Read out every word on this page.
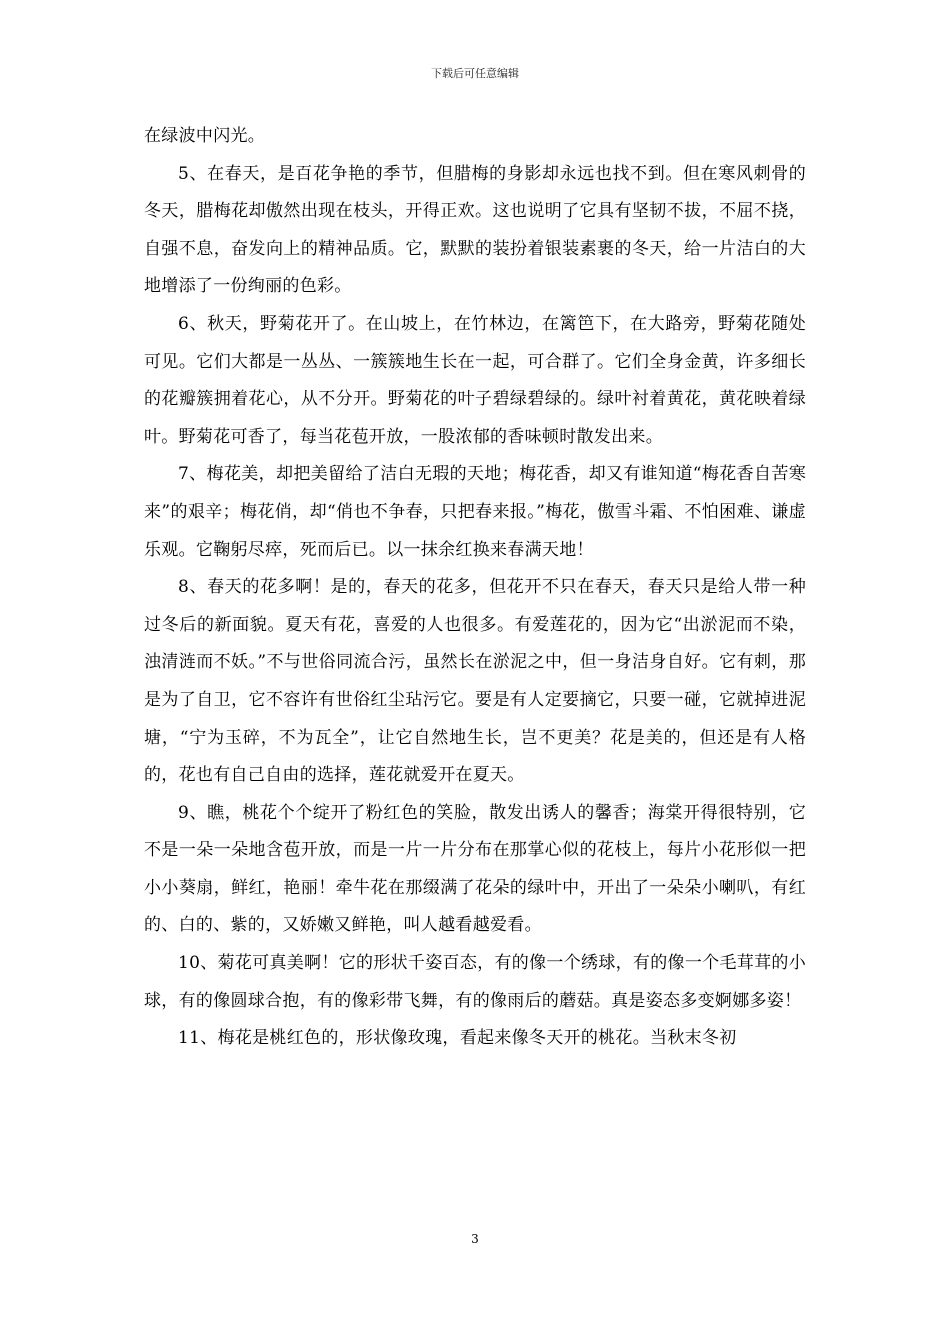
下载后可任意编辑

在绿波中闪光。

5、在春天，是百花争艳的季节，但腊梅的身影却永远也找不到。但在寒风刺骨的冬天，腊梅花却傲然出现在枝头，开得正欢。这也说明了它具有坚韧不拔，不屈不挠，自强不息，奋发向上的精神品质。它，默默的装扮着银装素裹的冬天，给一片洁白的大地增添了一份绚丽的色彩。

6、秋天，野菊花开了。在山坡上，在竹林边，在篱笆下，在大路旁，野菊花随处可见。它们大都是一丛丛、一簇簇地生长在一起，可合群了。它们全身金黄，许多细长的花瓣簇拥着花心，从不分开。野菊花的叶子碧绿碧绿的。绿叶衬着黄花，黄花映着绿叶。野菊花可香了，每当花苞开放，一股浓郁的香味顿时散发出来。

7、梅花美，却把美留给了洁白无瑕的天地；梅花香，却又有谁知道“梅花香自苦寒来”的艰辛；梅花俏，却“俏也不争春，只把春来报。”梅花，傲雪斗霜、不怕困难、谦虚乐观。它鞠躬尽瘁，死而后已。以一抹余红换来春满天地！

8、春天的花多啊！是的，春天的花多，但花开不只在春天，春天只是给人带一种过冬后的新面貌。夏天有花，喜爱的人也很多。有爱莲花的，因为它“出淤泥而不染，浊清涟而不妖。”不与世俗同流合污，虽然长在淤泥之中，但一身洁身自好。它有刺，那是为了自卫，它不容许有世俗红尘玷污它。要是有人定要摘它，只要一碰，它就掉进泥塘，“宁为玉碎，不为瓦全”，让它自然地生长，岂不更美？花是美的，但还是有人格的，花也有自己自由的选择，莲花就爱开在夏天。

9、瞧，桃花个个绽开了粉红色的笑脸，散发出诱人的馨香；海棠开得很特别，它不是一朵一朵地含苞开放，而是一片一片分布在那掌心似的花枝上，每片小花形似一把小小葵扇，鲜红，艳丽！牵牛花在那缀满了花朵的绿叶中，开出了一朵朵小喇叭，有红的、白的、紫的，又娇嫩又鲜艳，叫人越看越爱看。

10、菊花可真美啊！它的形状千姿百态，有的像一个绣球，有的像一个毛茸茸的小球，有的像圆球合抱，有的像彩带飞舞，有的像雨后的蘑菇。真是姿态多变婀娜多姿！

11、梅花是桃红色的，形状像玫瑰，看起来像冬天开的桃花。当秋末冬初

3
